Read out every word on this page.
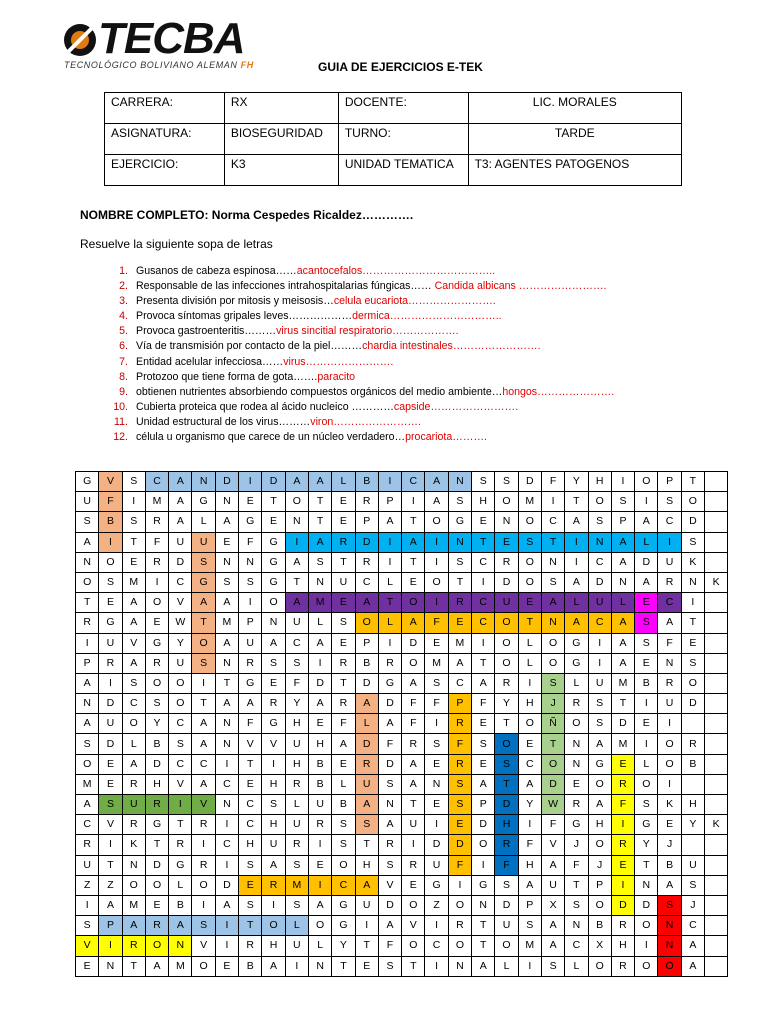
TECBA
TECNOLÓGICO BOLIVIANO ALEMAN FH	GUIA DE EJERCICIOS E-TEK
CARRERA:	RX	DOCENTE:	LIC. MORALES
ASIGNATURA:	BIOSEGURIDAD	TURNO:	TARDE
EJERCICIO:	K3	UNIDAD TEMATICA	T3: AGENTES PATOGENOS
NOMBRE COMPLETO: Norma Cespedes Ricaldez………….
Resuelve la siguiente sopa de letras
1. Gusanos de cabeza espinosa……acantocefalos………………………………..
2. Responsable de las infecciones intrahospitalarias fúngicas…… Candida albicans …………………….
3. Presenta división por mitosis y meisosis…celula eucariota…………………….
4. Provoca síntomas gripales leves………………dermica…………………………..
5. Provoca gastroenteritis………virus sincitial respiratorio……………….
6. Vía de transmisión por contacto de la piel………chardia intestinales…………………….
7. Entidad acelular infecciosa……virus…………………….
8. Protozoo que tiene forma de gota…….paracito
9. obtienen nutrientes absorbiendo compuestos orgánicos del medio ambiente…hongos………………….
10. Cubierta proteica que rodea al ácido nucleico …………capside…………………….
11. Unidad estructural de los virus………viron…………………….
12. célula u organismo que carece de un núcleo verdadero…procariota……….
G	V	S	C	A	N	D	I	D	A	A	L	B	I	C	A	N	S	S	D	F	Y	H	I	O	P	T	
U	F	I	M	A	G	N	E	T	O	T	E	R	P	I	A	S	H	O	M	I	T	O	S	I	S	O	
S	B	S	R	A	L	A	G	E	N	T	E	P	A	T	O	G	E	N	O	C	A	S	P	A	C	D	
A	I	T	F	U	U	E	F	G	I	A	R	D	I	A	I	N	T	E	S	T	I	N	A	L	I	S	
N	O	E	R	D	S	N	N	G	A	S	T	R	I	T	I	S	C	R	O	N	I	C	A	D	U	K	
O	S	M	I	C	G	S	S	G	T	N	U	C	L	E	O	T	I	D	O	S	A	D	N	A	R	N	K
T	E	A	O	V	A	A	I	O	A	M	E	A	T	O	I	R	C	U	E	A	L	U	L	E	C	I	
R	G	A	E	W	T	M	P	N	U	L	S	O	L	A	F	E	C	O	T	N	A	C	A	S	A	T	
I	U	V	G	Y	O	A	U	A	C	A	E	P	I	D	E	M	I	O	L	O	G	I	A	S	F	E	
P	R	A	R	U	S	N	R	S	S	I	R	B	R	O	M	A	T	O	L	O	G	I	A	E	N	S	
A	I	S	O	O	I	T	G	E	F	D	T	D	G	A	S	C	A	R	I	S	L	U	M	B	R	O	
N	D	C	S	O	T	A	A	R	Y	A	R	A	D	F	F	P	F	Y	H	J	R	S	T	I	U	D	
A	U	O	Y	C	A	N	F	G	H	E	F	L	A	F	I	R	E	T	O	Ñ	O	S	D	E	I		
S	D	L	B	S	A	N	V	V	U	H	A	D	F	R	S	F	S	O	E	T	N	A	M	I	O	R	
O	E	A	D	C	C	I	T	I	H	B	E	R	D	A	E	R	E	S	C	O	N	G	E	L	O	B	
M	E	R	H	V	A	C	E	H	R	B	L	U	S	A	N	S	A	T	A	D	E	O	R	O	I		
A	S	U	R	I	V	N	C	S	L	U	B	A	N	T	E	S	P	D	Y	W	R	A	F	S	K	H	
C	V	R	G	T	R	I	C	H	U	R	S	S	A	U	I	E	D	H	I	F	G	H	I	G	E	Y	K
R	I	K	T	R	I	C	H	U	R	I	S	T	R	I	D	D	O	R	F	V	J	O	R	Y	J		
U	T	N	D	G	R	I	S	A	S	E	O	H	S	R	U	F	I	F	H	A	F	J	E	T	B	U	
Z	Z	O	O	L	O	D	E	R	M	I	C	A	V	E	G	I	G	S	A	U	T	P	I	N	A	S	
I	A	M	E	B	I	A	S	I	S	A	G	U	D	O	Z	O	N	D	P	X	S	O	D	D	S	J	
S	P	A	R	A	S	I	T	O	L	O	G	I	A	V	I	R	T	U	S	A	N	B	R	O	N	C	
V	I	R	O	N	V	I	R	H	U	L	Y	T	F	O	C	O	T	O	M	A	C	X	H	I	N	A	
E	N	T	A	M	O	E	B	A	I	N	T	E	S	T	I	N	A	L	I	S	L	O	R	O	O	A	
